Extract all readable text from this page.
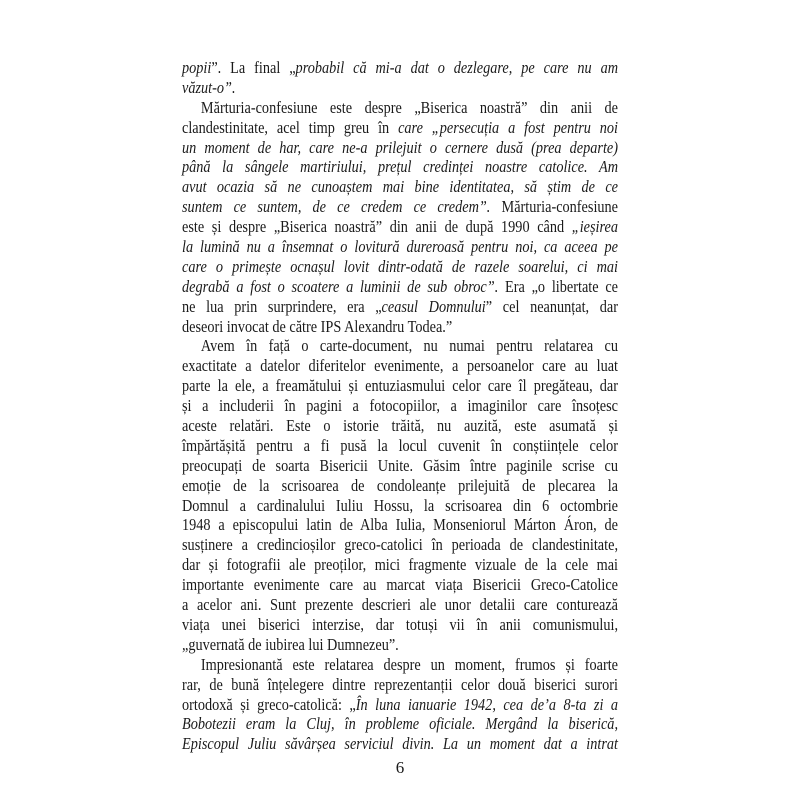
popii”. La final „probabil că mi-a dat o dezlegare, pe care nu am
văzut-o”.
Mărturia-confesiune este despre „Biserica noastră” din anii de
clandestinitate, acel timp greu în care „persecuția a fost pentru noi
un moment de har, care ne-a prilejuit o cernere dusă (prea departe)
până la sângele martiriului, prețul credinței noastre catolice. Am
avut ocazia să ne cunoaștem mai bine identitatea, să știm de ce
suntem ce suntem, de ce credem ce credem”. Mărturia-confesiune
este și despre „Biserica noastră” din anii de după 1990 când „ieșirea
la lumină nu a însemnat o lovitură dureroasă pentru noi, ca aceea pe
care o primește ocnașul lovit dintr-odată de razele soarelui, ci mai
degrabă a fost o scoatere a luminii de sub obroc”. Era „o libertate ce
ne lua prin surprindere, era „ceasul Domnului” cel neanunțat, dar
deseori invocat de către IPS Alexandru Todea.”
Avem în față o carte-document, nu numai pentru relatarea cu
exactitate a datelor diferitelor evenimente, a persoanelor care au luat
parte la ele, a freamătului și entuziasmului celor care îl pregăteau, dar
și a includerii în pagini a fotocopiilor, a imaginilor care însoțesc
aceste relatări. Este o istorie trăită, nu auzită, este asumată și
împărtășită pentru a fi pusă la locul cuvenit în conștiințele celor
preocupați de soarta Bisericii Unite. Găsim între paginile scrise cu
emoție de la scrisoarea de condoleanțe prilejuită de plecarea la
Domnul a cardinalului Iuliu Hossu, la scrisoarea din 6 octombrie
1948 a episcopului latin de Alba Iulia, Monseniorul Márton Áron, de
susținere a credincioșilor greco-catolici în perioada de clandestinitate,
dar și fotografii ale preoților, mici fragmente vizuale de la cele mai
importante evenimente care au marcat viața Bisericii Greco-Catolice
a acelor ani. Sunt prezente descrieri ale unor detalii care conturează
viața unei biserici interzise, dar totuși vii în anii comunismului,
„guvernată de iubirea lui Dumnezeu”.
Impresionantă este relatarea despre un moment, frumos și foarte
rar, de bună înțelegere dintre reprezentanții celor două biserici surori
ortodoxă și greco-catolică: „În luna ianuarie 1942, cea de’a 8-ta zi a
Bobotezii eram la Cluj, în probleme oficiale. Mergând la biserică,
Episcopul Juliu săvârșea serviciul divin. La un moment dat a intrat
6
